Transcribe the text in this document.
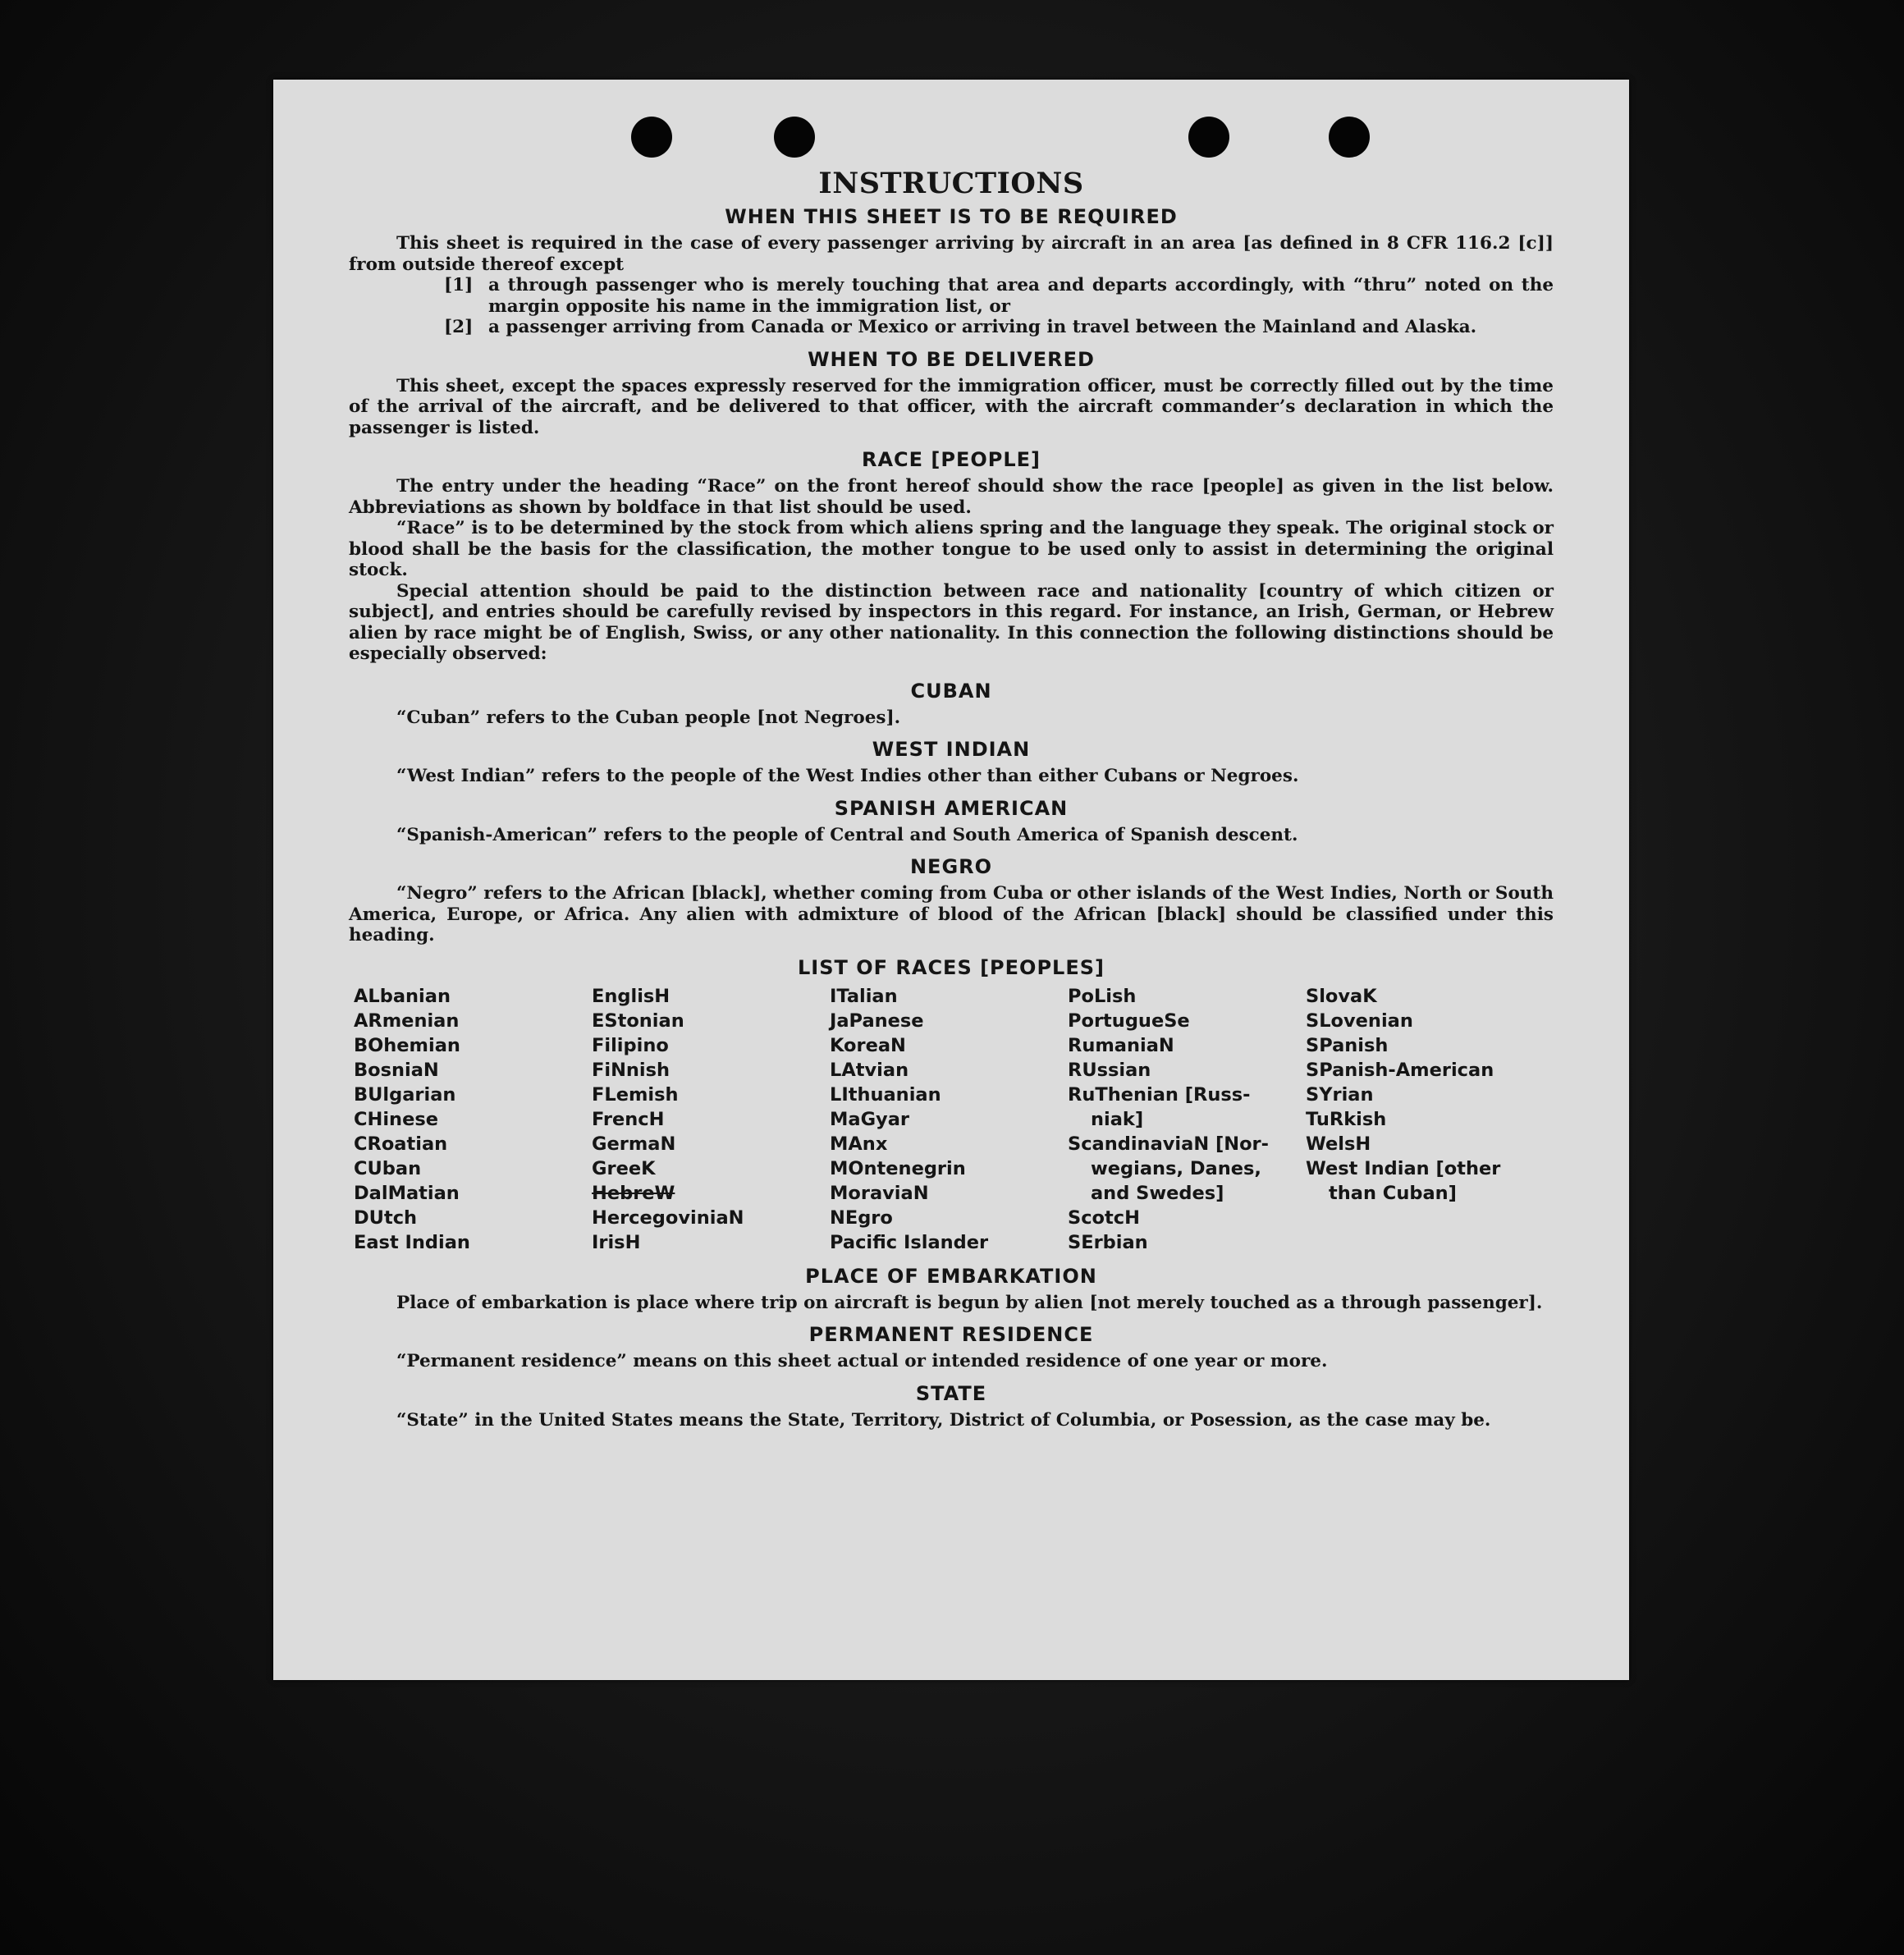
INSTRUCTIONS
WHEN THIS SHEET IS TO BE REQUIRED

This sheet is required in the case of every passenger arriving by aircraft in an area [as defined in 8 CFR 116.2 [c]] from outside thereof except

[1] a through passenger who is merely touching that area and departs accordingly, with “thru” noted on the margin opposite his name in the immigration list, or
[2] a passenger arriving from Canada or Mexico or arriving in travel between the Mainland and Alaska.
WHEN TO BE DELIVERED

This sheet, except the spaces expressly reserved for the immigration officer, must be correctly filled out by the time of the arrival of the aircraft, and be delivered to that officer, with the aircraft commander’s declaration in which the passenger is listed.

RACE [PEOPLE]

The entry under the heading “Race” on the front hereof should show the race [people] as given in the list below. Abbreviations as shown by boldface in that list should be used.

“Race” is to be determined by the stock from which aliens spring and the language they speak. The original stock or blood shall be the basis for the classification, the mother tongue to be used only to assist in determining the original stock.

Special attention should be paid to the distinction between race and nationality [country of which citizen or subject], and entries should be carefully revised by inspectors in this regard. For instance, an Irish, German, or Hebrew alien by race might be of English, Swiss, or any other nationality. In this connection the following distinctions should be especially observed:

CUBAN

“Cuban” refers to the Cuban people [not Negroes].

WEST INDIAN

“West Indian” refers to the people of the West Indies other than either Cubans or Negroes.

SPANISH AMERICAN

“Spanish-American” refers to the people of Central and South America of Spanish descent.

NEGRO

“Negro” refers to the African [black], whether coming from Cuba or other islands of the West Indies, North or South America, Europe, or Africa. Any alien with admixture of blood of the African [black] should be classified under this heading.

LIST OF RACES [PEOPLES]
ALbanian
ARmenian
BOhemian
BosniaN
BUlgarian
CHinese
CRoatian
CUban
DalMatian
DUtch
East Indian
EnglisH
EStonian
Filipino
FiNnish
FLemish
FrencH
GermaN
GreeK
HebreW
HercegoviniaN
IrisH
ITalian
JaPanese
KoreaN
LAtvian
LIthuanian
MaGyar
MAnx
MOntenegrin
MoraviaN
NEgro
Pacific Islander
PoLish
PortugueSe
RumaniaN
RUssian
RuThenian [Russ-
niak]
ScandinaviaN [Nor-
wegians, Danes,
and Swedes]
ScotcH
SErbian
SlovaK
SLovenian
SPanish
SPanish-American
SYrian
TuRkish
WelsH
West Indian [other
than Cuban]
PLACE OF EMBARKATION

Place of embarkation is place where trip on aircraft is begun by alien [not merely touched as a through passenger].

PERMANENT RESIDENCE

“Permanent residence” means on this sheet actual or intended residence of one year or more.

STATE

“State” in the United States means the State, Territory, District of Columbia, or Posession, as the case may be.
